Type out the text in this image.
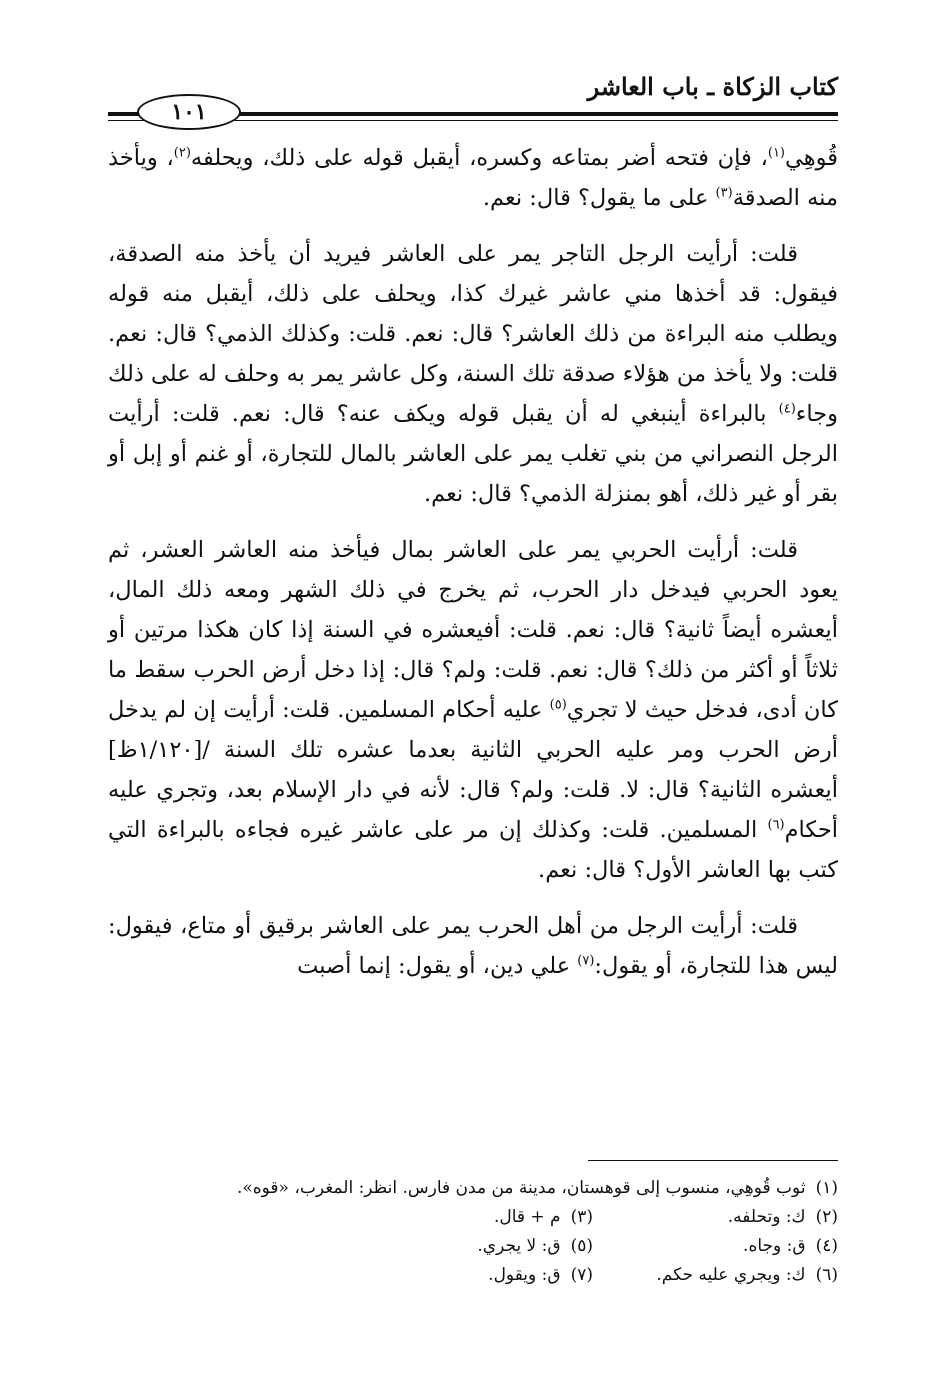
كتاب الزكاة ـ باب العاشر
١٠١

قُوهِي$^{(١)}$، فإن فتحه أضر بمتاعه وكسره، أيقبل قوله على ذلك، ويحلفه$^{(٢)}$، ويأخذ منه الصدقة$^{(٣)}$ على ما يقول؟ قال: نعم.

قلت: أرأيت الرجل التاجر يمر على العاشر فيريد أن يأخذ منه الصدقة، فيقول: قد أخذها مني عاشر غيرك كذا، ويحلف على ذلك، أيقبل منه قوله ويطلب منه البراءة من ذلك العاشر؟ قال: نعم. قلت: وكذلك الذمي؟ قال: نعم. قلت: ولا يأخذ من هؤلاء صدقة تلك السنة، وكل عاشر يمر به وحلف له على ذلك وجاء$^{(٤)}$ بالبراءة أينبغي له أن يقبل قوله ويكف عنه؟ قال: نعم. قلت: أرأيت الرجل النصراني من بني تغلب يمر على العاشر بالمال للتجارة، أو غنم أو إبل أو بقر أو غير ذلك، أهو بمنزلة الذمي؟ قال: نعم.

قلت: أرأيت الحربي يمر على العاشر بمال فيأخذ منه العاشر العشر، ثم يعود الحربي فيدخل دار الحرب، ثم يخرج في ذلك الشهر ومعه ذلك المال، أيعشره أيضاً ثانية؟ قال: نعم. قلت: أفيعشره في السنة إذا كان هكذا مرتين أو ثلاثاً أو أكثر من ذلك؟ قال: نعم. قلت: ولم؟ قال: إذا دخل أرض الحرب سقط ما كان أدى، فدخل حيث لا تجري$^{(٥)}$ عليه أحكام المسلمين. قلت: أرأيت إن لم يدخل أرض الحرب ومر عليه الحربي الثانية بعدما عشره تلك السنة /[١/١٢٠ظ] أيعشره الثانية؟ قال: لا. قلت: ولم؟ قال: لأنه في دار الإسلام بعد، وتجري عليه أحكام$^{(٦)}$ المسلمين. قلت: وكذلك إن مر على عاشر غيره فجاءه بالبراءة التي كتب بها العاشر الأول؟ قال: نعم.

قلت: أرأيت الرجل من أهل الحرب يمر على العاشر برقيق أو متاع، فيقول: ليس هذا للتجارة، أو يقول:$^{(٧)}$ علي دين، أو يقول: إنما أصبت

(١)ثوب قُوهِي، منسوب إلى قوهستان، مدينة من مدن فارس. انظر: المغرب، «قوه».
(٢)ك: وتحلفه.
(٣)م + قال.
(٤)ق: وجاه.
(٥)ق: لا يجري.
(٦)ك: ويجري عليه حكم.
(٧)ق: ويقول.
